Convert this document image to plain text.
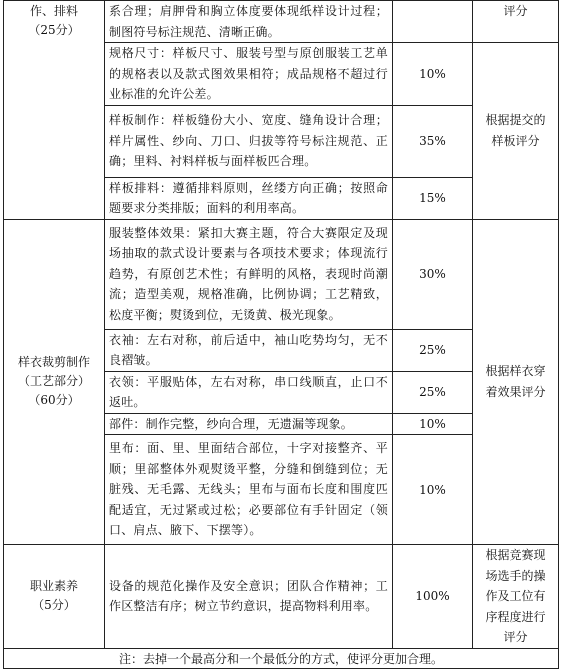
作、排料
（25分）	系合理；肩胛骨和胸立体度要体现纸样设计过程；制图符号标注规范、清晰正确。		评分
	规格尺寸：样板尺寸、服装号型与原创服装工艺单的规格表以及款式图效果相符；成品规格不超过行业标准的允许公差。	10%	根据提交的
样板评分

	样板制作：样板缝份大小、宽度、缝角设计合理；样片属性、纱向、刀口、归拔等符号标注规范、正确；里料、衬料样板与面样板匹合理。	35%	
	样板排料：遵循排料原则，丝缕方向正确；按照命题要求分类排版；面料的利用率高。	15%	

样衣裁剪制作
（工艺部分）
（60分）	服装整体效果：紧扣大赛主题，符合大赛限定及现场抽取的款式设计要素与各项技术要求；体现流行趋势，有原创艺术性；有鲜明的风格，表现时尚潮流；造型美观，规格准确，比例协调；工艺精致，松度平衡；熨烫到位，无烫黄、极光现象。	30%	根据样衣穿
着效果评分

	衣袖：左右对称，前后适中，袖山吃势均匀，无不良褶皱。	25%	
	衣领：平服贴体，左右对称，串口线顺直，止口不返吐。	25%	
	部件：制作完整，纱向合理，无遗漏等现象。	10%	
	里布：面、里、里面结合部位，十字对接整齐、平顺；里部整体外观熨烫平整，分缝和倒缝到位；无脏残、无毛露、无线头；里布与面布长度和围度匹配适宜，无过紧或过松；必要部位有手针固定（领口、肩点、腋下、下摆等）。	10%	

职业素养
（5分）	设备的规范化操作及安全意识；团队合作精神；工作区整洁有序；树立节约意识，提高物料利用率。	100%	根据竞赛现
场选手的操
作及工位有
序程度进行
评分

注：去掉一个最高分和一个最低分的方式，使评分更加合理。			
